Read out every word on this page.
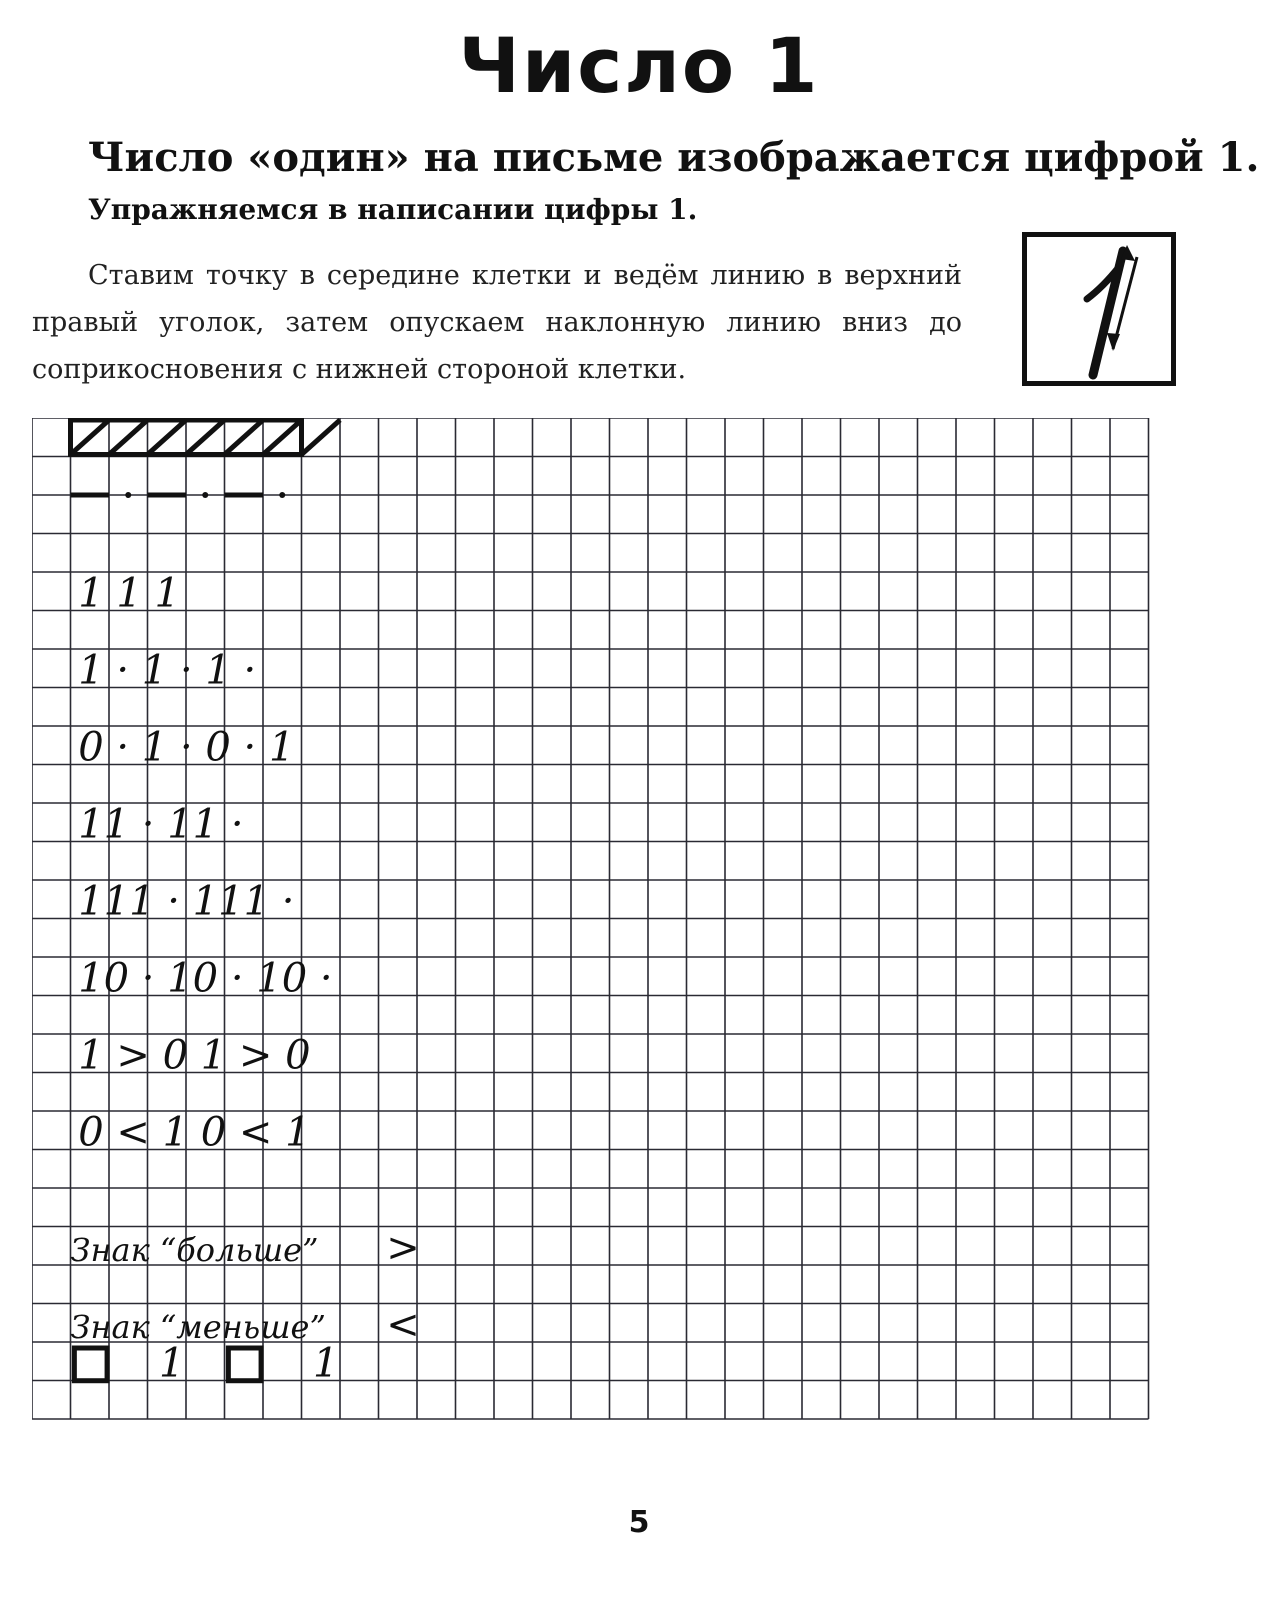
Число 1
Число «один» на письме изображается цифрой 1.
Упражняемся в написании цифры 1.
Ставим точку в середине клетки и ведём линию в верхний правый уголок, затем опускаем наклонную линию вниз до соприкосновения с нижней стороной клетки.
1 1 1
1 · 1 · 1 ·
0 · 1 · 0 · 1
11 · 11 ·
111 · 111 ·
10 · 10 · 10 ·
1 > 0 1 > 0
0 < 1 0 < 1
Знак “больше” >
Знак “меньше” <
1	1
5
